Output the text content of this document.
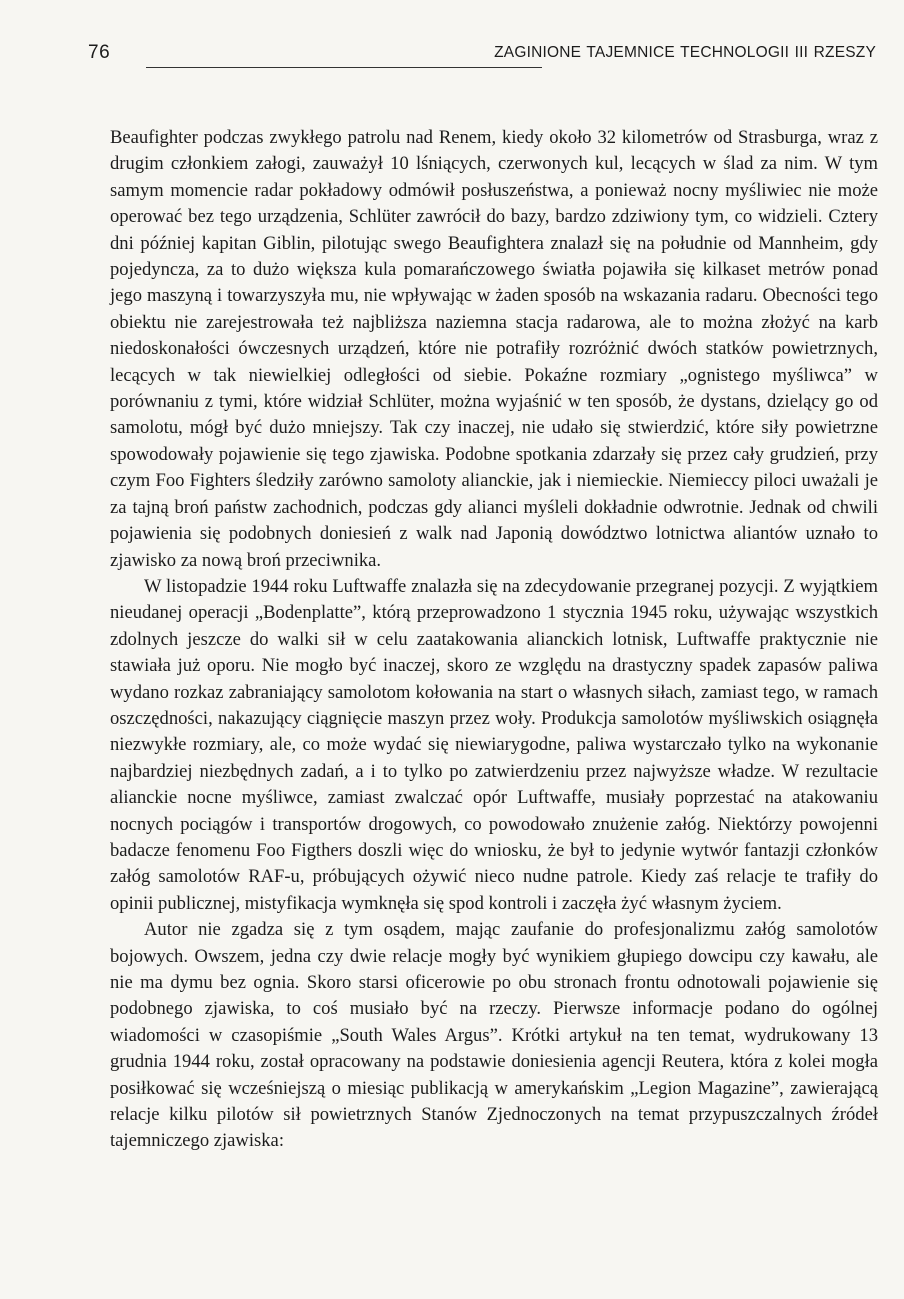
76	ZAGINIONE TAJEMNICE TECHNOLOGII III RZESZY

Beaufighter podczas zwykłego patrolu nad Renem, kiedy około 32 kilometrów od Strasburga, wraz z drugim członkiem załogi, zauważył 10 lśniących, czerwonych kul, lecących w ślad za nim. W tym samym momencie radar pokładowy odmówił posłuszeństwa, a ponieważ nocny myśliwiec nie może operować bez tego urządzenia, Schlüter zawrócił do bazy, bardzo zdziwiony tym, co widzieli. Cztery dni później kapitan Giblin, pilotując swego Beaufightera znalazł się na południe od Mannheim, gdy pojedyncza, za to dużo większa kula pomarańczowego światła pojawiła się kilkaset metrów ponad jego maszyną i towarzyszyła mu, nie wpływając w żaden sposób na wskazania radaru. Obecności tego obiektu nie zarejestrowała też najbliższa naziemna stacja radarowa, ale to można złożyć na karb niedoskonałości ówczesnych urządzeń, które nie potrafiły rozróżnić dwóch statków powietrznych, lecących w tak niewielkiej odległości od siebie. Pokaźne rozmiary „ognistego myśliwca” w porównaniu z tymi, które widział Schlüter, można wyjaśnić w ten sposób, że dystans, dzielący go od samolotu, mógł być dużo mniejszy. Tak czy inaczej, nie udało się stwierdzić, które siły powietrzne spowodowały pojawienie się tego zjawiska. Podobne spotkania zdarzały się przez cały grudzień, przy czym Foo Fighters śledziły zarówno samoloty alianckie, jak i niemieckie. Niemieccy piloci uważali je za tajną broń państw zachodnich, podczas gdy alianci myśleli dokładnie odwrotnie. Jednak od chwili pojawienia się podobnych doniesień z walk nad Japonią dowództwo lotnictwa aliantów uznało to zjawisko za nową broń przeciwnika.

W listopadzie 1944 roku Luftwaffe znalazła się na zdecydowanie przegranej pozycji. Z wyjątkiem nieudanej operacji „Bodenplatte”, którą przeprowadzono 1 stycznia 1945 roku, używając wszystkich zdolnych jeszcze do walki sił w celu zaatakowania alianckich lotnisk, Luftwaffe praktycznie nie stawiała już oporu. Nie mogło być inaczej, skoro ze względu na drastyczny spadek zapasów paliwa wydano rozkaz zabraniający samolotom kołowania na start o własnych siłach, zamiast tego, w ramach oszczędności, nakazujący ciągnięcie maszyn przez woły. Produkcja samolotów myśliwskich osiągnęła niezwykłe rozmiary, ale, co może wydać się niewiarygodne, paliwa wystarczało tylko na wykonanie najbardziej niezbędnych zadań, a i to tylko po zatwierdzeniu przez najwyższe władze. W rezultacie alianckie nocne myśliwce, zamiast zwalczać opór Luftwaffe, musiały poprzestać na atakowaniu nocnych pociągów i transportów drogowych, co powodowało znużenie załóg. Niektórzy powojenni badacze fenomenu Foo Figthers doszli więc do wniosku, że był to jedynie wytwór fantazji członków załóg samolotów RAF-u, próbujących ożywić nieco nudne patrole. Kiedy zaś relacje te trafiły do opinii publicznej, mistyfikacja wymknęła się spod kontroli i zaczęła żyć własnym życiem.

Autor nie zgadza się z tym osądem, mając zaufanie do profesjonalizmu załóg samolotów bojowych. Owszem, jedna czy dwie relacje mogły być wynikiem głupiego dowcipu czy kawału, ale nie ma dymu bez ognia. Skoro starsi oficerowie po obu stronach frontu odnotowali pojawienie się podobnego zjawiska, to coś musiało być na rzeczy. Pierwsze informacje podano do ogólnej wiadomości w czasopiśmie „South Wales Argus”. Krótki artykuł na ten temat, wydrukowany 13 grudnia 1944 roku, został opracowany na podstawie doniesienia agencji Reutera, która z kolei mogła posiłkować się wcześniejszą o miesiąc publikacją w amerykańskim „Legion Magazine”, zawierającą relacje kilku pilotów sił powietrznych Stanów Zjednoczonych na temat przypuszczalnych źródeł tajemniczego zjawiska:
